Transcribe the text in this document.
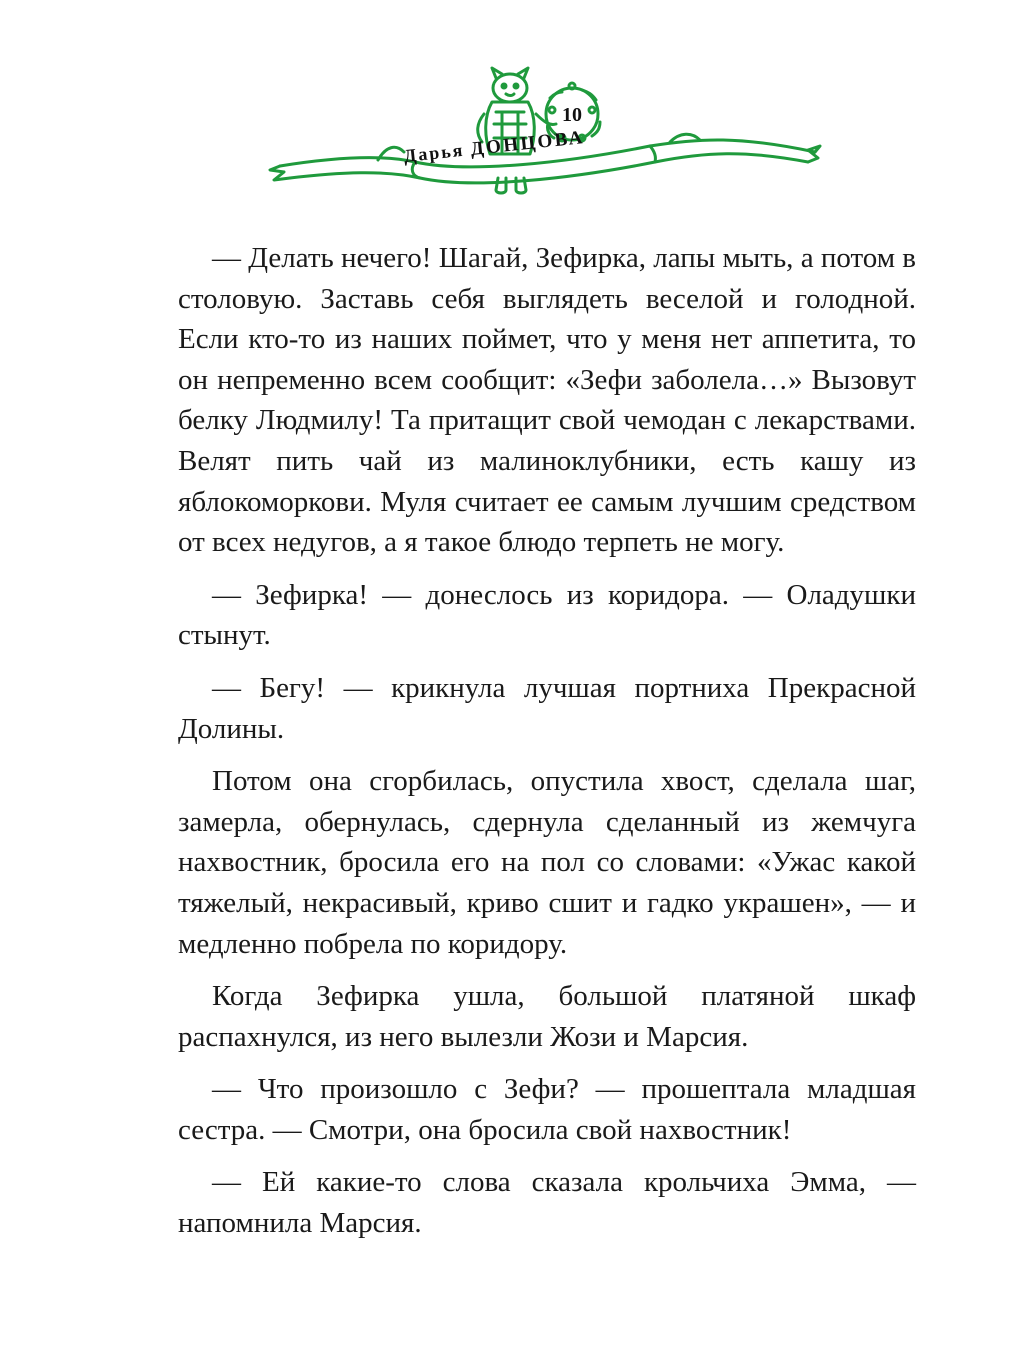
10
Дарья ДОНЦОВА

— Делать нечего! Шагай, Зефирка, лапы мыть, а потом в столовую. Заставь себя выглядеть веселой и голодной. Если кто-то из наших поймет, что у меня нет аппетита, то он непременно всем сообщит: «Зефи заболела…» Вызовут белку Людмилу! Та притащит свой чемодан с лекарствами. Велят пить чай из малиноклубники, есть кашу из яблокоморкови. Муля считает ее самым лучшим средством от всех недугов, а я такое блюдо терпеть не могу.

— Зефирка! — донеслось из коридора. — Оладушки стынут.

— Бегу! — крикнула лучшая портниха Прекрасной Долины.

Потом она сгорбилась, опустила хвост, сделала шаг, замерла, обернулась, сдернула сделанный из жемчуга нахвостник, бросила его на пол со словами: «Ужас какой тяжелый, некрасивый, криво сшит и гадко украшен», — и медленно побрела по коридору.

Когда Зефирка ушла, большой платяной шкаф распахнулся, из него вылезли Жози и Марсия.

— Что произошло с Зефи? — прошептала младшая сестра. — Смотри, она бросила свой нахвостник!

— Ей какие-то слова сказала крольчиха Эмма, — напомнила Марсия.
